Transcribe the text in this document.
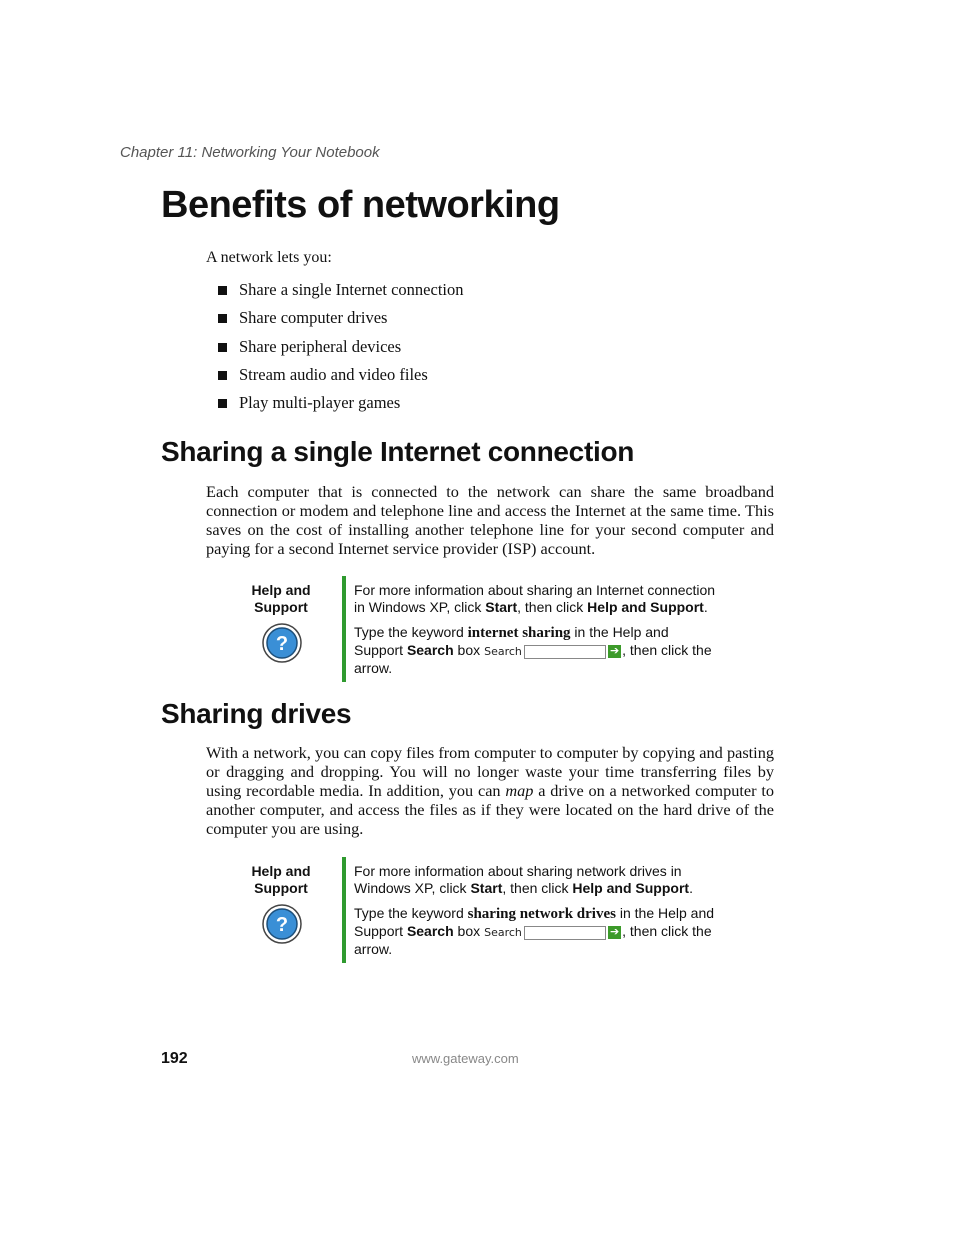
Chapter 11: Networking Your Notebook
Benefits of networking

A network lets you:

Share a single Internet connection
Share computer drives
Share peripheral devices
Stream audio and video files
Play multi-player games
Sharing a single Internet connection

Each computer that is connected to the network can share the same broadband connection or modem and telephone line and access the Internet at the same time. This saves on the cost of installing another telephone line for your second computer and paying for a second Internet service provider (ISP) account.

Help and Support
?

For more information about sharing an Internet connection in Windows XP, click Start, then click Help and Support.

Type the keyword internet sharing in the Help and Support Search box Search	➔ , then click the arrow.

Sharing drives

With a network, you can copy files from computer to computer by copying and pasting or dragging and dropping. You will no longer waste your time transferring files by using recordable media. In addition, you can map a drive on a networked computer to another computer, and access the files as if they were located on the hard drive of the computer you are using.

Help and Support
?

For more information about sharing network drives in Windows XP, click Start, then click Help and Support.

Type the keyword sharing network drives in the Help and Support Search box Search	➔ , then click the arrow.

192	www.gateway.com
